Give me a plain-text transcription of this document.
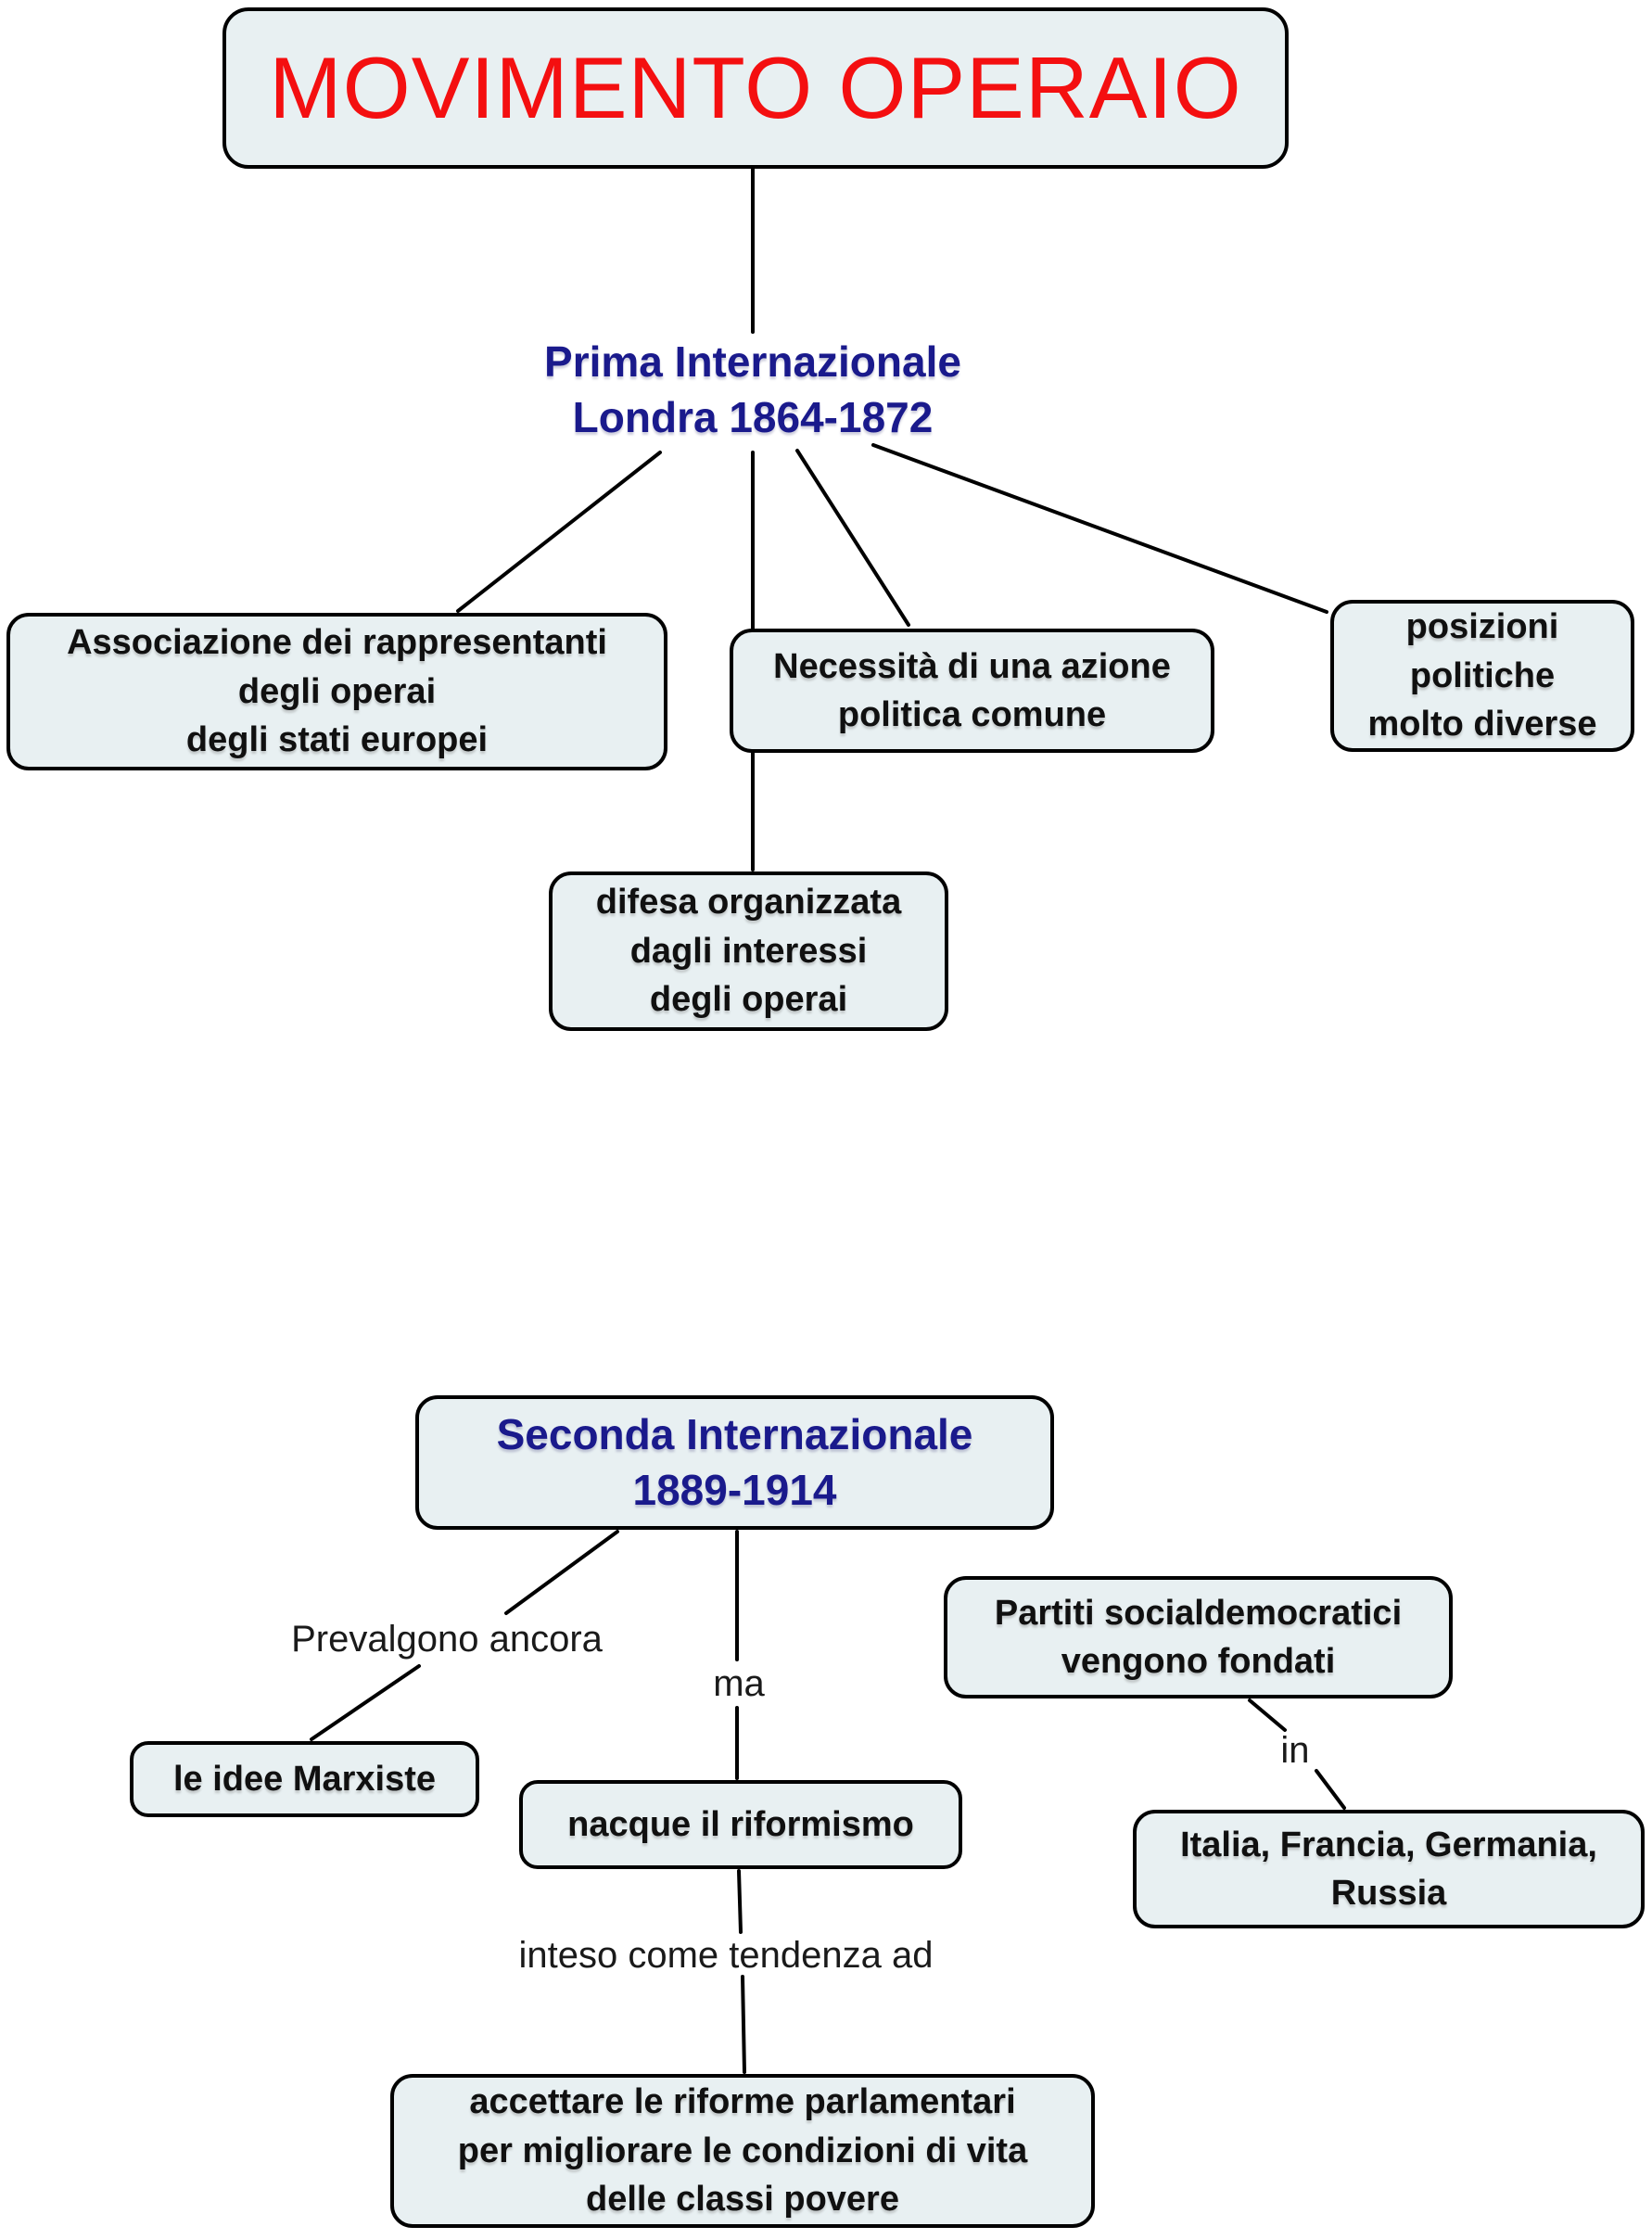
MOVIMENTO OPERAIO
Prima Internazionale
Londra 1864-1872
Associazione dei rappresentanti
degli operai
degli stati europei
Necessità di una azione
politica comune
posizioni
politiche
molto diverse
difesa organizzata
dagli interessi
degli operai
Seconda Internazionale
1889-1914
le idee Marxiste
nacque il riformismo
Partiti socialdemocratici
vengono fondati
Italia, Francia, Germania,
Russia
accettare le riforme parlamentari
per migliorare le condizioni di vita
delle classi povere
Prevalgono ancora
ma
in
inteso come tendenza ad
